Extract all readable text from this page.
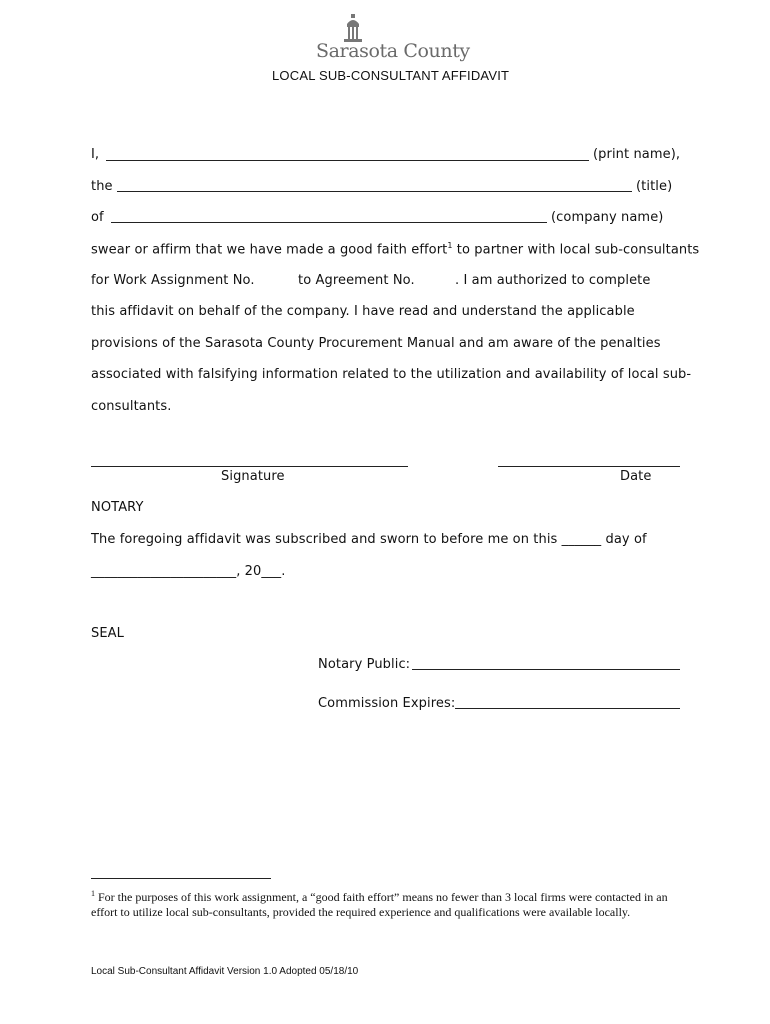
Sarasota County
LOCAL SUB-CONSULTANT AFFIDAVIT
I,	(print name),
the	(title)
of	(company name)
swear or affirm that we have made a good faith effort$^1$ to partner with local sub-consultants
for Work Assignment No.	to Agreement No.	. I am authorized to complete
this affidavit on behalf of the company. I have read and understand the applicable
provisions of the Sarasota County Procurement Manual and am aware of the penalties
associated with falsifying information related to the utilization and availability of local sub-
consultants.
Signature	Date
NOTARY
The foregoing affidavit was subscribed and sworn to before me on this ______ day of
______________________, 20___.
SEAL
Notary Public:
Commission Expires:
$^1$ For the purposes of this work assignment, a “good faith effort” means no fewer than 3 local firms were contacted in an effort to utilize local sub-consultants, provided the required experience and qualifications were available locally.
Local Sub-Consultant Affidavit Version 1.0 Adopted 05/18/10
